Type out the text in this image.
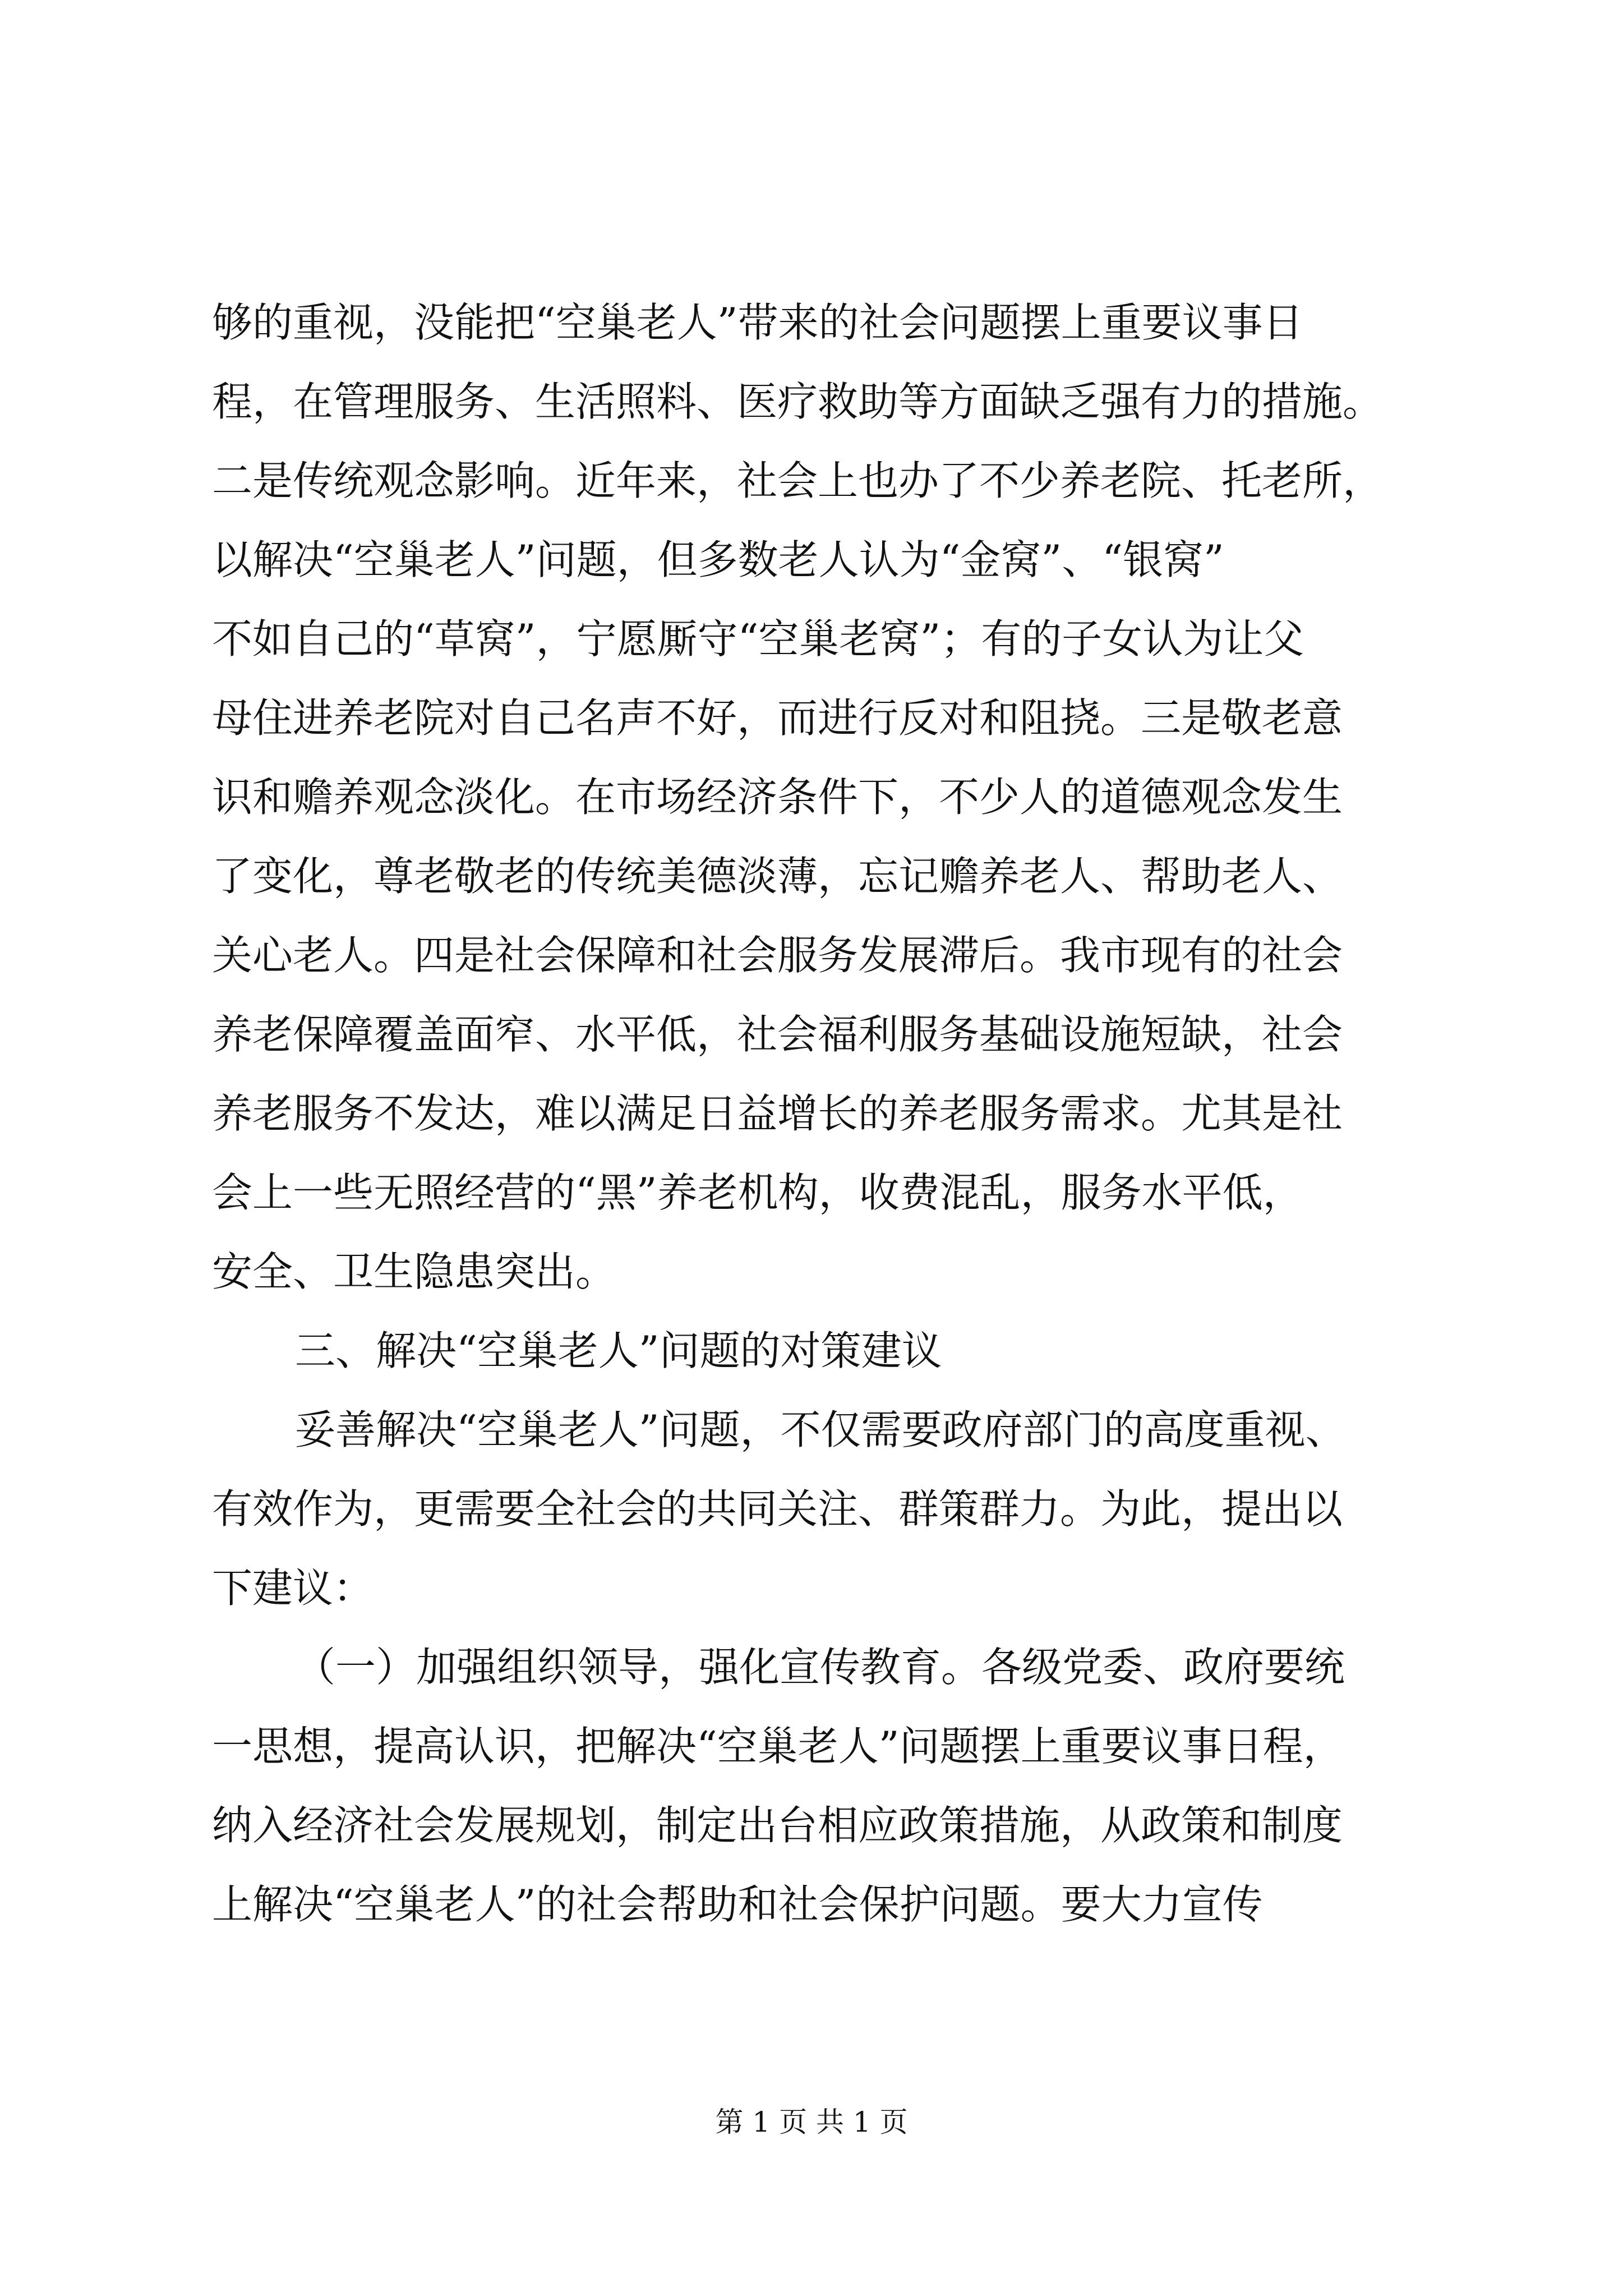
够的重视，没能把“空巢老人”带来的社会问题摆上重要议事日
程，在管理服务、生活照料、医疗救助等方面缺乏强有力的措施。
二是传统观念影响。近年来，社会上也办了不少养老院、托老所，
以解决“空巢老人”问题，但多数老人认为“金窝”、“银窝”
不如自己的“草窝”，宁愿厮守“空巢老窝”；有的子女认为让父
母住进养老院对自己名声不好，而进行反对和阻挠。三是敬老意
识和赡养观念淡化。在市场经济条件下，不少人的道德观念发生
了变化，尊老敬老的传统美德淡薄，忘记赡养老人、帮助老人、
关心老人。四是社会保障和社会服务发展滞后。我市现有的社会
养老保障覆盖面窄、水平低，社会福利服务基础设施短缺，社会
养老服务不发达，难以满足日益增长的养老服务需求。尤其是社
会上一些无照经营的“黑”养老机构，收费混乱，服务水平低，
安全、卫生隐患突出。
三、解决“空巢老人”问题的对策建议
妥善解决“空巢老人”问题，不仅需要政府部门的高度重视、
有效作为，更需要全社会的共同关注、群策群力。为此，提出以
下建议：
（一）加强组织领导，强化宣传教育。各级党委、政府要统
一思想，提高认识，把解决“空巢老人”问题摆上重要议事日程，
纳入经济社会发展规划，制定出台相应政策措施，从政策和制度
上解决“空巢老人”的社会帮助和社会保护问题。要大力宣传
第 1 页 共 1 页
